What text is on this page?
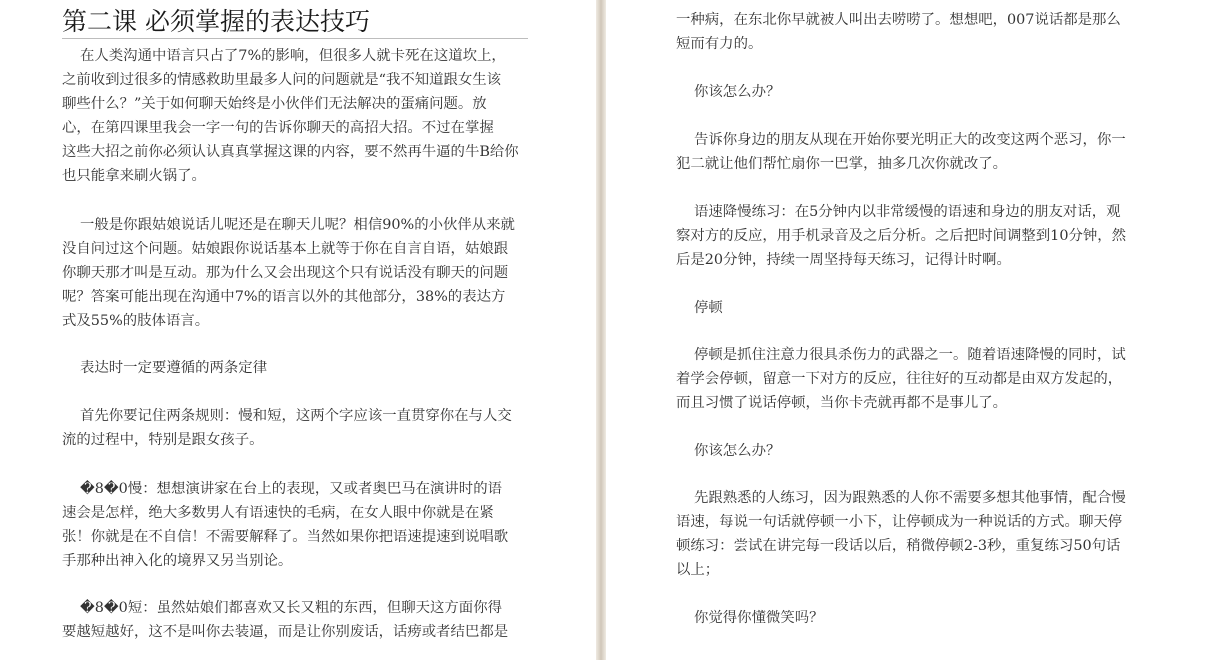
第二课 必须掌握的表达技巧
在人类沟通中语言只占了7%的影响，但很多人就卡死在这道坎上，
之前收到过很多的情感救助里最多人问的问题就是“我不知道跟女生该
聊些什么？”关于如何聊天始终是小伙伴们无法解决的蛋痛问题。放
心，在第四课里我会一字一句的告诉你聊天的高招大招。不过在掌握
这些大招之前你必须认认真真掌握这课的内容，要不然再牛逼的牛B给你
也只能拿来刷火锅了。
一般是你跟姑娘说话儿呢还是在聊天儿呢？相信90%的小伙伴从来就
没自问过这个问题。姑娘跟你说话基本上就等于你在自言自语，姑娘跟
你聊天那才叫是互动。那为什么又会出现这个只有说话没有聊天的问题
呢？答案可能出现在沟通中7%的语言以外的其他部分，38%的表达方
式及55%的肢体语言。
表达时一定要遵循的两条定律
首先你要记住两条规则：慢和短，这两个字应该一直贯穿你在与人交
流的过程中，特别是跟女孩子。
�8�0慢：想想演讲家在台上的表现，又或者奥巴马在演讲时的语
速会是怎样，绝大多数男人有语速快的毛病，在女人眼中你就是在紧
张！你就是在不自信！不需要解释了。当然如果你把语速提速到说唱歌
手那种出神入化的境界又另当别论。
�8�0短：虽然姑娘们都喜欢又长又粗的东西，但聊天这方面你得
要越短越好，这不是叫你去装逼，而是让你别废话，话痨或者结巴都是
一种病，在东北你早就被人叫出去唠唠了。想想吧，007说话都是那么
短而有力的。
你该怎么办？
告诉你身边的朋友从现在开始你要光明正大的改变这两个恶习，你一
犯二就让他们帮忙扇你一巴掌，抽多几次你就改了。
语速降慢练习：在5分钟内以非常缓慢的语速和身边的朋友对话，观
察对方的反应，用手机录音及之后分析。之后把时间调整到10分钟，然
后是20分钟，持续一周坚持每天练习，记得计时啊。
停顿
停顿是抓住注意力很具杀伤力的武器之一。随着语速降慢的同时，试
着学会停顿，留意一下对方的反应，往往好的互动都是由双方发起的，
而且习惯了说话停顿，当你卡壳就再都不是事儿了。
你该怎么办？
先跟熟悉的人练习，因为跟熟悉的人你不需要多想其他事情，配合慢
语速，每说一句话就停顿一小下，让停顿成为一种说话的方式。聊天停
顿练习：尝试在讲完每一段话以后，稍微停顿2-3秒，重复练习50句话
以上；
你觉得你懂微笑吗？
